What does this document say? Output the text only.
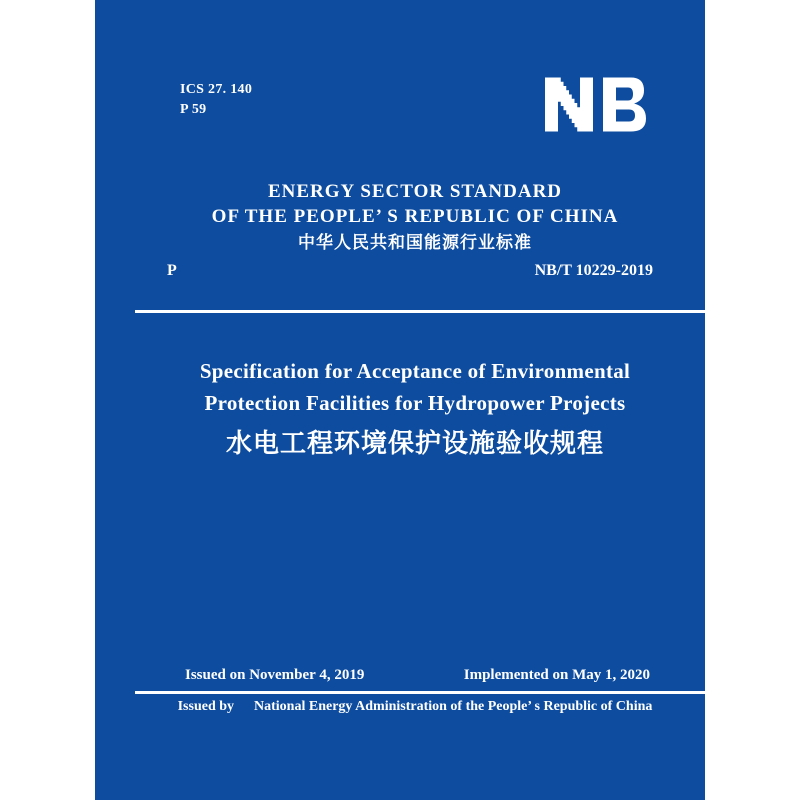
ICS 27. 140
P 59
ENERGY SECTOR STANDARD
OF THE PEOPLE’ S REPUBLIC OF CHINA
中华人民共和国能源行业标准
P	NB/T 10229-2019
Specification for Acceptance of Environmental
Protection Facilities for Hydropower Projects
水电工程环境保护设施验收规程
Issued on November 4, 2019	Implemented on May 1, 2020
Issued by National Energy Administration of the People’ s Republic of China
